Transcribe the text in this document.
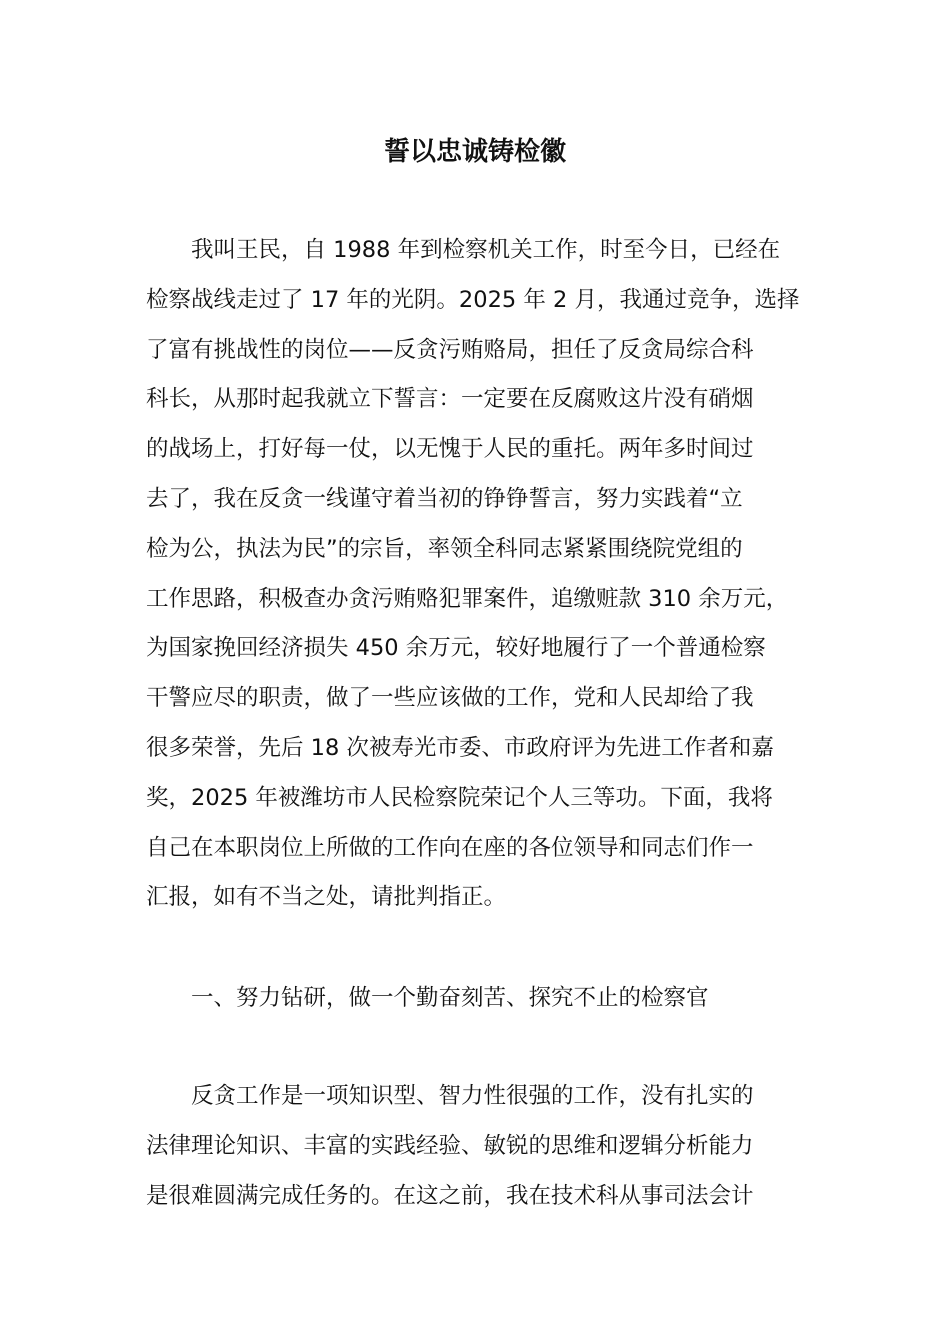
誓以忠诚铸检徽
我叫王民，自 1988 年到检察机关工作，时至今日，已经在
检察战线走过了 17 年的光阴。2025 年 2 月，我通过竞争，选择
了富有挑战性的岗位——反贪污贿赂局，担任了反贪局综合科
科长，从那时起我就立下誓言：一定要在反腐败这片没有硝烟
的战场上，打好每一仗，以无愧于人民的重托。两年多时间过
去了，我在反贪一线谨守着当初的铮铮誓言，努力实践着“立
检为公，执法为民”的宗旨，率领全科同志紧紧围绕院党组的
工作思路，积极查办贪污贿赂犯罪案件，追缴赃款 310 余万元，
为国家挽回经济损失 450 余万元，较好地履行了一个普通检察
干警应尽的职责，做了一些应该做的工作，党和人民却给了我
很多荣誉，先后 18 次被寿光市委、市政府评为先进工作者和嘉
奖，2025 年被潍坊市人民检察院荣记个人三等功。下面，我将
自己在本职岗位上所做的工作向在座的各位领导和同志们作一
汇报，如有不当之处，请批判指正。
一、努力钻研，做一个勤奋刻苦、探究不止的检察官
反贪工作是一项知识型、智力性很强的工作，没有扎实的
法律理论知识、丰富的实践经验、敏锐的思维和逻辑分析能力
是很难圆满完成任务的。在这之前，我在技术科从事司法会计
